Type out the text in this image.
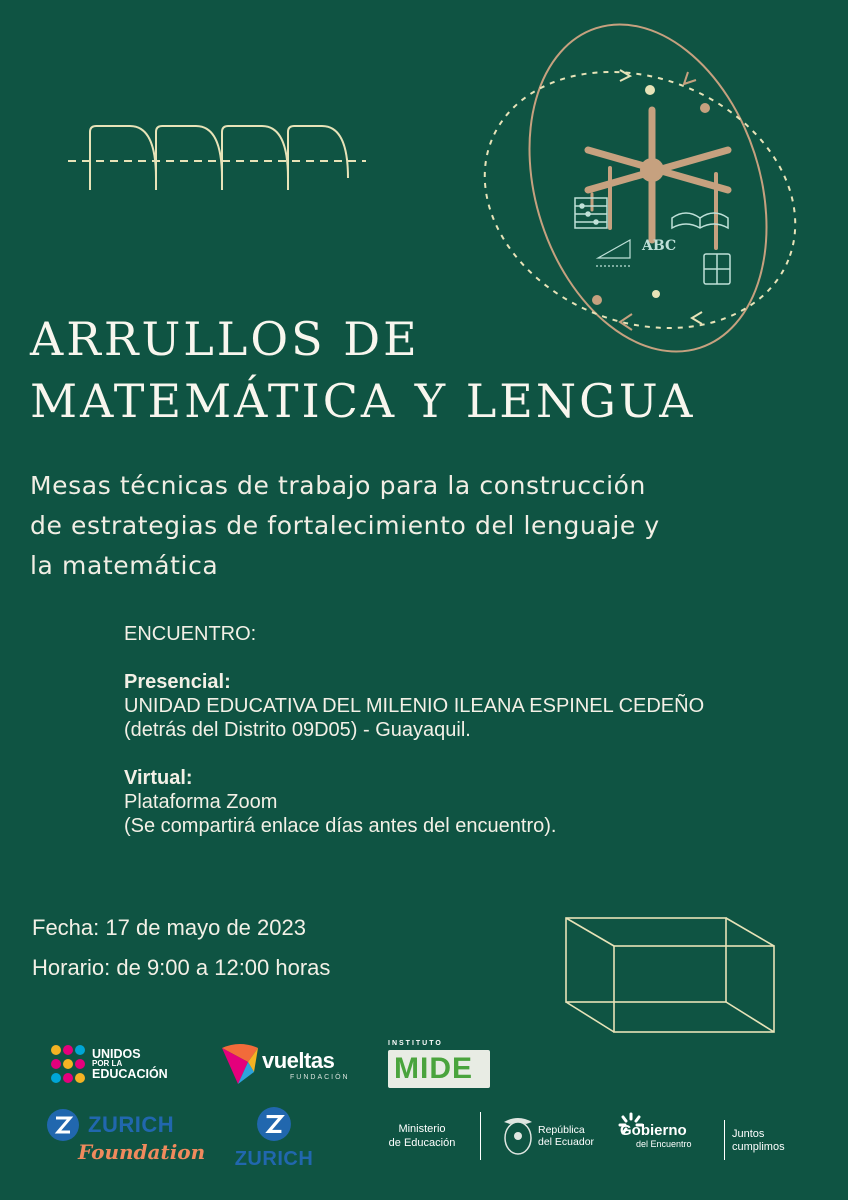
ABC
ARRULLOS DE
MATEMÁTICA Y LENGUA
Mesas técnicas de trabajo para la construcción
de estrategias de fortalecimiento del lenguaje y
la matemática
ENCUENTRO:
Presencial:
UNIDAD EDUCATIVA DEL MILENIO ILEANA ESPINEL CEDEÑO
(detrás del Distrito 09D05) - Guayaquil.
Virtual:
Plataforma Zoom
(Se compartirá enlace días antes del encuentro).
Fecha: 17 de mayo de 2023
Horario: de 9:00 a 12:00 horas
UNIDOS
POR LA
EDUCACIÓN
vueltas
FUNDACIÓN
INSTITUTO
MIDE
ZURICH
Foundation	ZURICH
Ministerio
de Educación
República
del Ecuador
Gobierno
del Encuentro
Juntos
cumplimos
